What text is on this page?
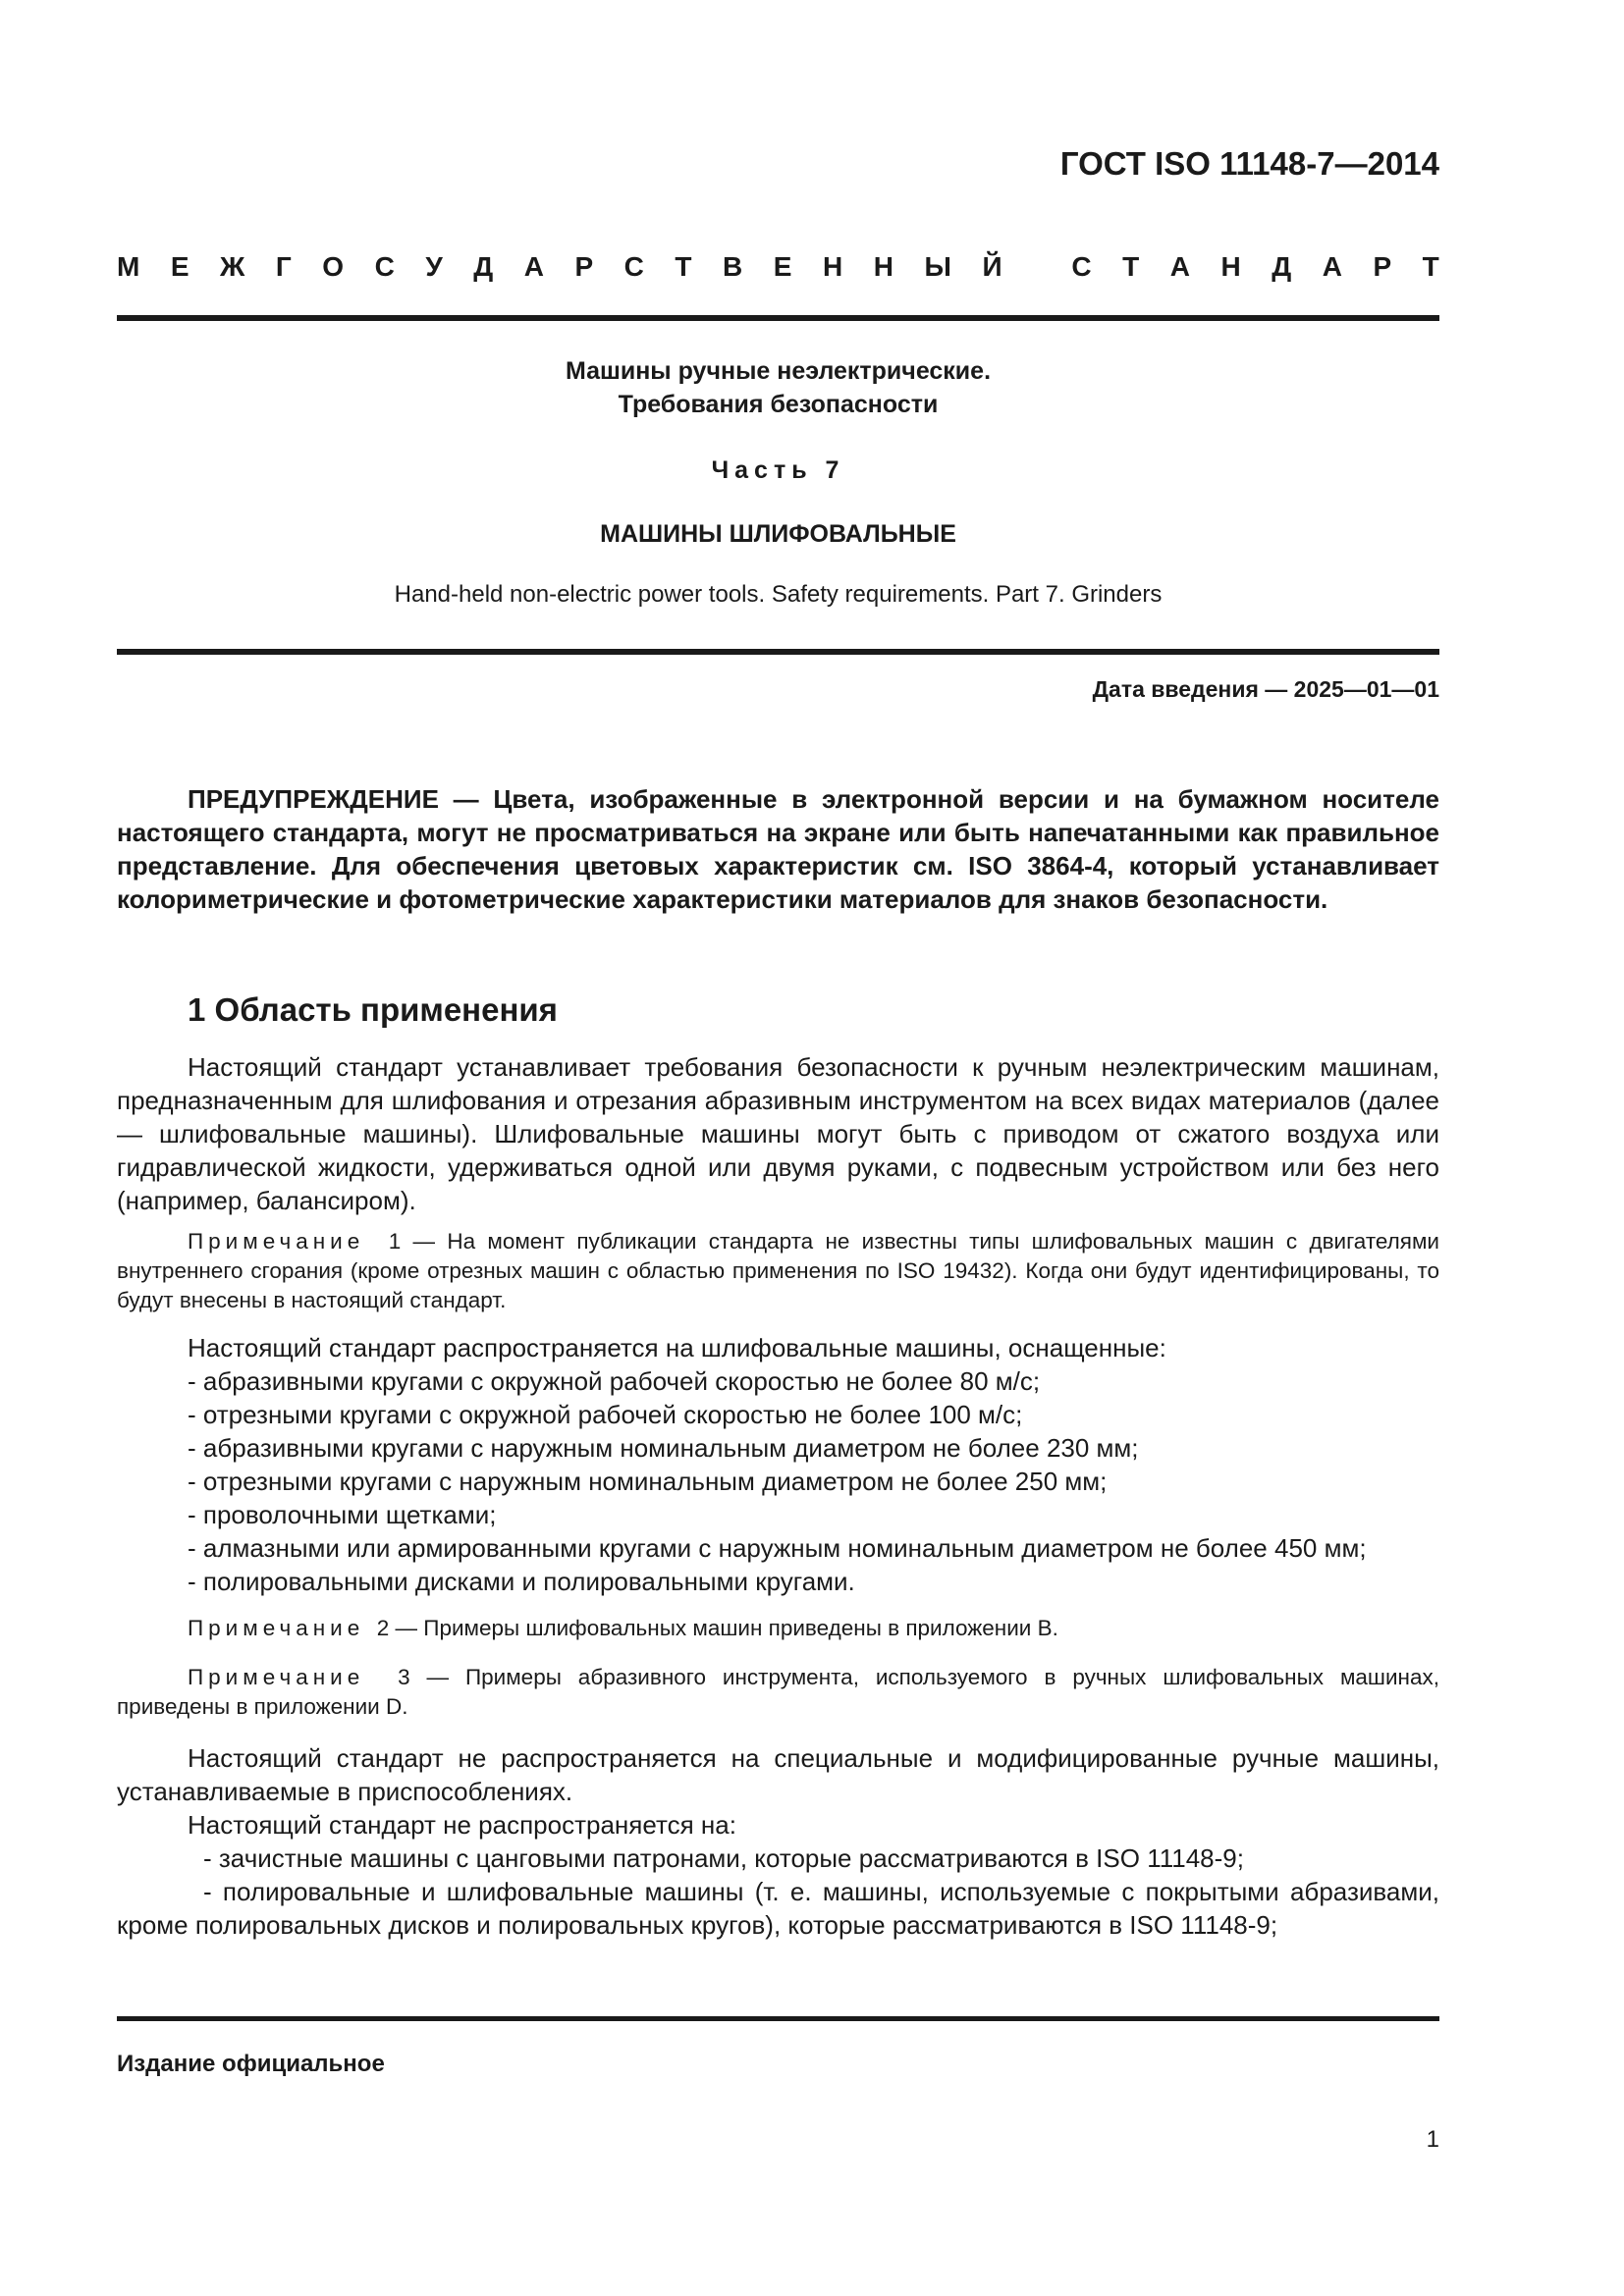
ГОСТ ISO 11148-7—2014
М Е Ж Г О С У Д А Р С Т В Е Н Н Ы Й
	С Т А Н Д А Р Т
Машины ручные неэлектрические.
Требования безопасности
Часть 7
МАШИНЫ ШЛИФОВАЛЬНЫЕ
Hand-held non-electric power tools. Safety requirements. Part 7. Grinders
Дата введения — 2025—01—01

ПРЕДУПРЕЖДЕНИЕ — Цвета, изображенные в электронной версии и на бумажном носителе настоящего стандарта, могут не просматриваться на экране или быть напечатанными как правильное представление. Для обеспечения цветовых характеристик см. ISO 3864-4, который устанавливает колориметрические и фотометрические характеристики материалов для знаков безопасности.

1 Область применения

Настоящий стандарт устанавливает требования безопасности к ручным неэлектрическим машинам, предназначенным для шлифования и отрезания абразивным инструментом на всех видах материалов (далее — шлифовальные машины). Шлифовальные машины могут быть с приводом от сжатого воздуха или гидравлической жидкости, удерживаться одной или двумя руками, с подвесным устройством или без него (например, балансиром).

Примечание 1 — На момент публикации стандарта не известны типы шлифовальных машин с двигателями внутреннего сгорания (кроме отрезных машин с областью применения по ISO 19432). Когда они будут идентифицированы, то будут внесены в настоящий стандарт.

Настоящий стандарт распространяется на шлифовальные машины, оснащенные:

- абразивными кругами с окружной рабочей скоростью не более 80 м/с;
- отрезными кругами с окружной рабочей скоростью не более 100 м/с;
- абразивными кругами с наружным номинальным диаметром не более 230 мм;
- отрезными кругами с наружным номинальным диаметром не более 250 мм;
- проволочными щетками;
- алмазными или армированными кругами с наружным номинальным диаметром не более 450 мм;
- полировальными дисками и полировальными кругами.

Примечание 2 — Примеры шлифовальных машин приведены в приложении В.

Примечание 3 — Примеры абразивного инструмента, используемого в ручных шлифовальных машинах, приведены в приложении D.

Настоящий стандарт не распространяется на специальные и модифицированные ручные машины, устанавливаемые в приспособлениях.

Настоящий стандарт не распространяется на:

- зачистные машины с цанговыми патронами, которые рассматриваются в ISO 11148-9;
- полировальные и шлифовальные машины (т. е. машины, используемые с покрытыми абразивами, кроме полировальных дисков и полировальных кругов), которые рассматриваются в ISO 11148-9;
Издание официальное
1
